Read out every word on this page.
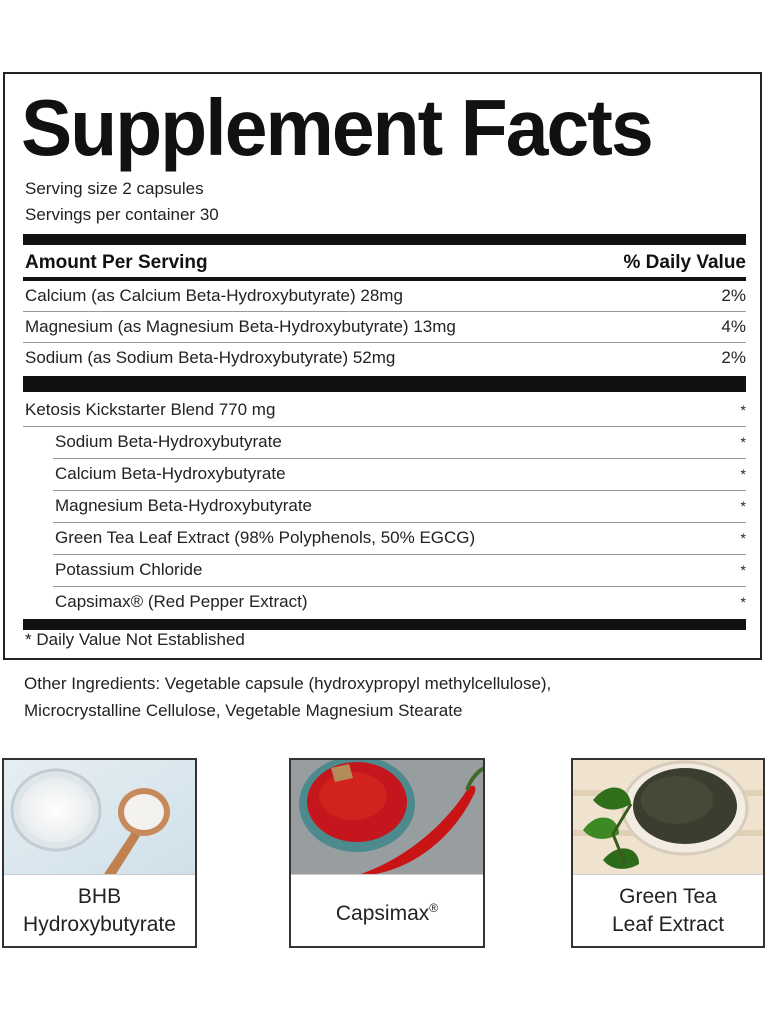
Supplement Facts
Serving size 2 capsules
Servings per container 30
Amount Per Serving	% Daily Value
Calcium (as Calcium Beta-Hydroxybutyrate) 28mg	2%
Magnesium (as Magnesium Beta-Hydroxybutyrate) 13mg	4%
Sodium (as Sodium Beta-Hydroxybutyrate) 52mg	2%
Ketosis Kickstarter Blend 770 mg	*
Sodium Beta-Hydroxybutyrate	*
Calcium Beta-Hydroxybutyrate	*
Magnesium Beta-Hydroxybutyrate	*
Green Tea Leaf Extract (98% Polyphenols, 50% EGCG)	*
Potassium Chloride	*
Capsimax® (Red Pepper Extract)	*
* Daily Value Not Established
Other Ingredients: Vegetable capsule (hydroxypropyl methylcellulose),
Microcrystalline Cellulose, Vegetable Magnesium Stearate
BHB
Hydroxybutyrate	Capsimax®	Green Tea
Leaf Extract
